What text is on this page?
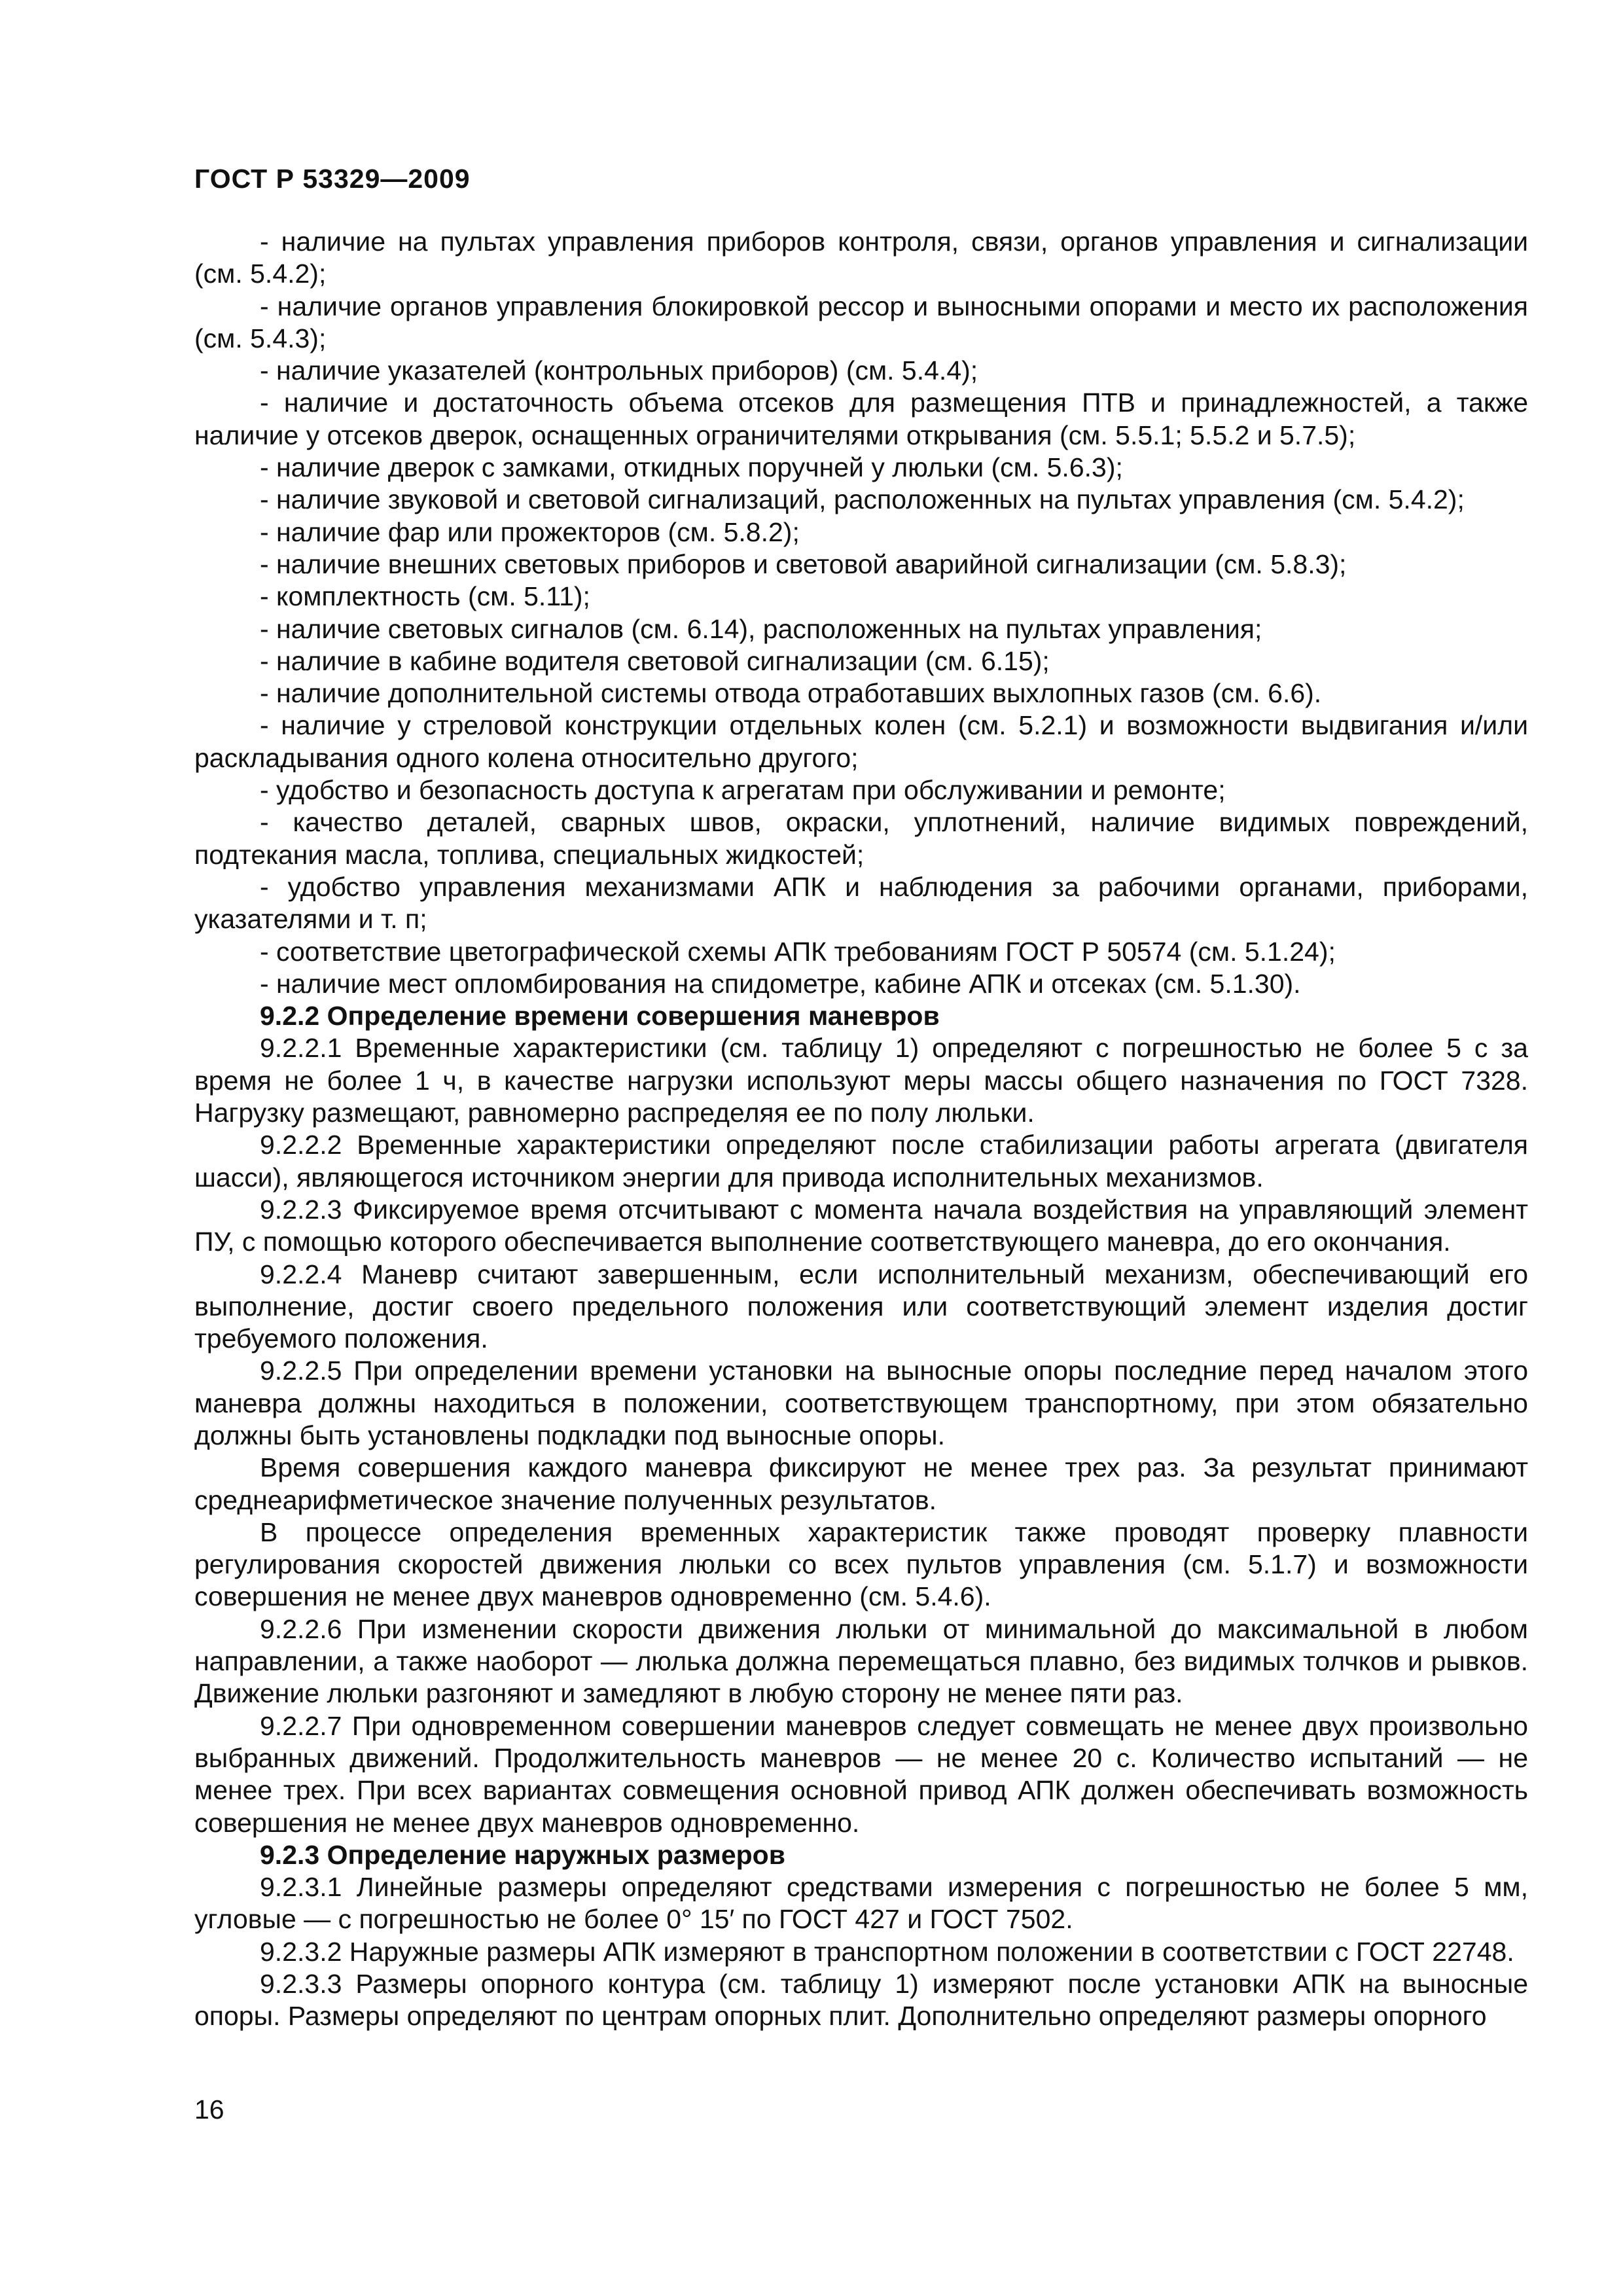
ГОСТ Р 53329—2009

- наличие на пультах управления приборов контроля, связи, органов управления и сигнализации (см. 5.4.2);

- наличие органов управления блокировкой рессор и выносными опорами и место их расположения (см. 5.4.3);

- наличие указателей (контрольных приборов) (см. 5.4.4);

- наличие и достаточность объема отсеков для размещения ПТВ и принадлежностей, а также наличие у отсеков дверок, оснащенных ограничителями открывания (см. 5.5.1; 5.5.2 и 5.7.5);

- наличие дверок с замками, откидных поручней у люльки (см. 5.6.3);

- наличие звуковой и световой сигнализаций, расположенных на пультах управления (см. 5.4.2);

- наличие фар или прожекторов (см. 5.8.2);

- наличие внешних световых приборов и световой аварийной сигнализации (см. 5.8.3);

- комплектность (см. 5.11);

- наличие световых сигналов (см. 6.14), расположенных на пультах управления;

- наличие в кабине водителя световой сигнализации (см. 6.15);

- наличие дополнительной системы отвода отработавших выхлопных газов (см. 6.6).

- наличие у стреловой конструкции отдельных колен (см. 5.2.1) и возможности выдвигания и/или раскладывания одного колена относительно другого;

- удобство и безопасность доступа к агрегатам при обслуживании и ремонте;

- качество деталей, сварных швов, окраски, уплотнений, наличие видимых повреждений, подтекания масла, топлива, специальных жидкостей;

- удобство управления механизмами АПК и наблюдения за рабочими органами, приборами, указателями и т. п;

- соответствие цветографической схемы АПК требованиям ГОСТ Р 50574 (см. 5.1.24);

- наличие мест опломбирования на спидометре, кабине АПК и отсеках (см. 5.1.30).

9.2.2 Определение времени совершения маневров

9.2.2.1 Временные характеристики (см. таблицу 1) определяют с погрешностью не более 5 с за время не более 1 ч, в качестве нагрузки используют меры массы общего назначения по ГОСТ 7328. Нагрузку размещают, равномерно распределяя ее по полу люльки.

9.2.2.2 Временные характеристики определяют после стабилизации работы агрегата (двигателя шасси), являющегося источником энергии для привода исполнительных механизмов.

9.2.2.3 Фиксируемое время отсчитывают с момента начала воздействия на управляющий элемент ПУ, с помощью которого обеспечивается выполнение соответствующего маневра, до его окончания.

9.2.2.4 Маневр считают завершенным, если исполнительный механизм, обеспечивающий его выполнение, достиг своего предельного положения или соответствующий элемент изделия достиг требуемого положения.

9.2.2.5 При определении времени установки на выносные опоры последние перед началом этого маневра должны находиться в положении, соответствующем транспортному, при этом обязательно должны быть установлены подкладки под выносные опоры.

Время совершения каждого маневра фиксируют не менее трех раз. За результат принимают среднеарифметическое значение полученных результатов.

В процессе определения временных характеристик также проводят проверку плавности регулирования скоростей движения люльки со всех пультов управления (см. 5.1.7) и возможности совершения не менее двух маневров одновременно (см. 5.4.6).

9.2.2.6 При изменении скорости движения люльки от минимальной до максимальной в любом направлении, а также наоборот — люлька должна перемещаться плавно, без видимых толчков и рывков. Движение люльки разгоняют и замедляют в любую сторону не менее пяти раз.

9.2.2.7 При одновременном совершении маневров следует совмещать не менее двух произвольно выбранных движений. Продолжительность маневров — не менее 20 с. Количество испытаний — не менее трех. При всех вариантах совмещения основной привод АПК должен обеспечивать возможность совершения не менее двух маневров одновременно.

9.2.3 Определение наружных размеров

9.2.3.1 Линейные размеры определяют средствами измерения с погрешностью не более 5 мм, угловые — с погрешностью не более 0° 15′ по ГОСТ 427 и ГОСТ 7502.

9.2.3.2 Наружные размеры АПК измеряют в транспортном положении в соответствии с ГОСТ 22748.

9.2.3.3 Размеры опорного контура (см. таблицу 1) измеряют после установки АПК на выносные опоры. Размеры определяют по центрам опорных плит. Дополнительно определяют размеры опорного

16
